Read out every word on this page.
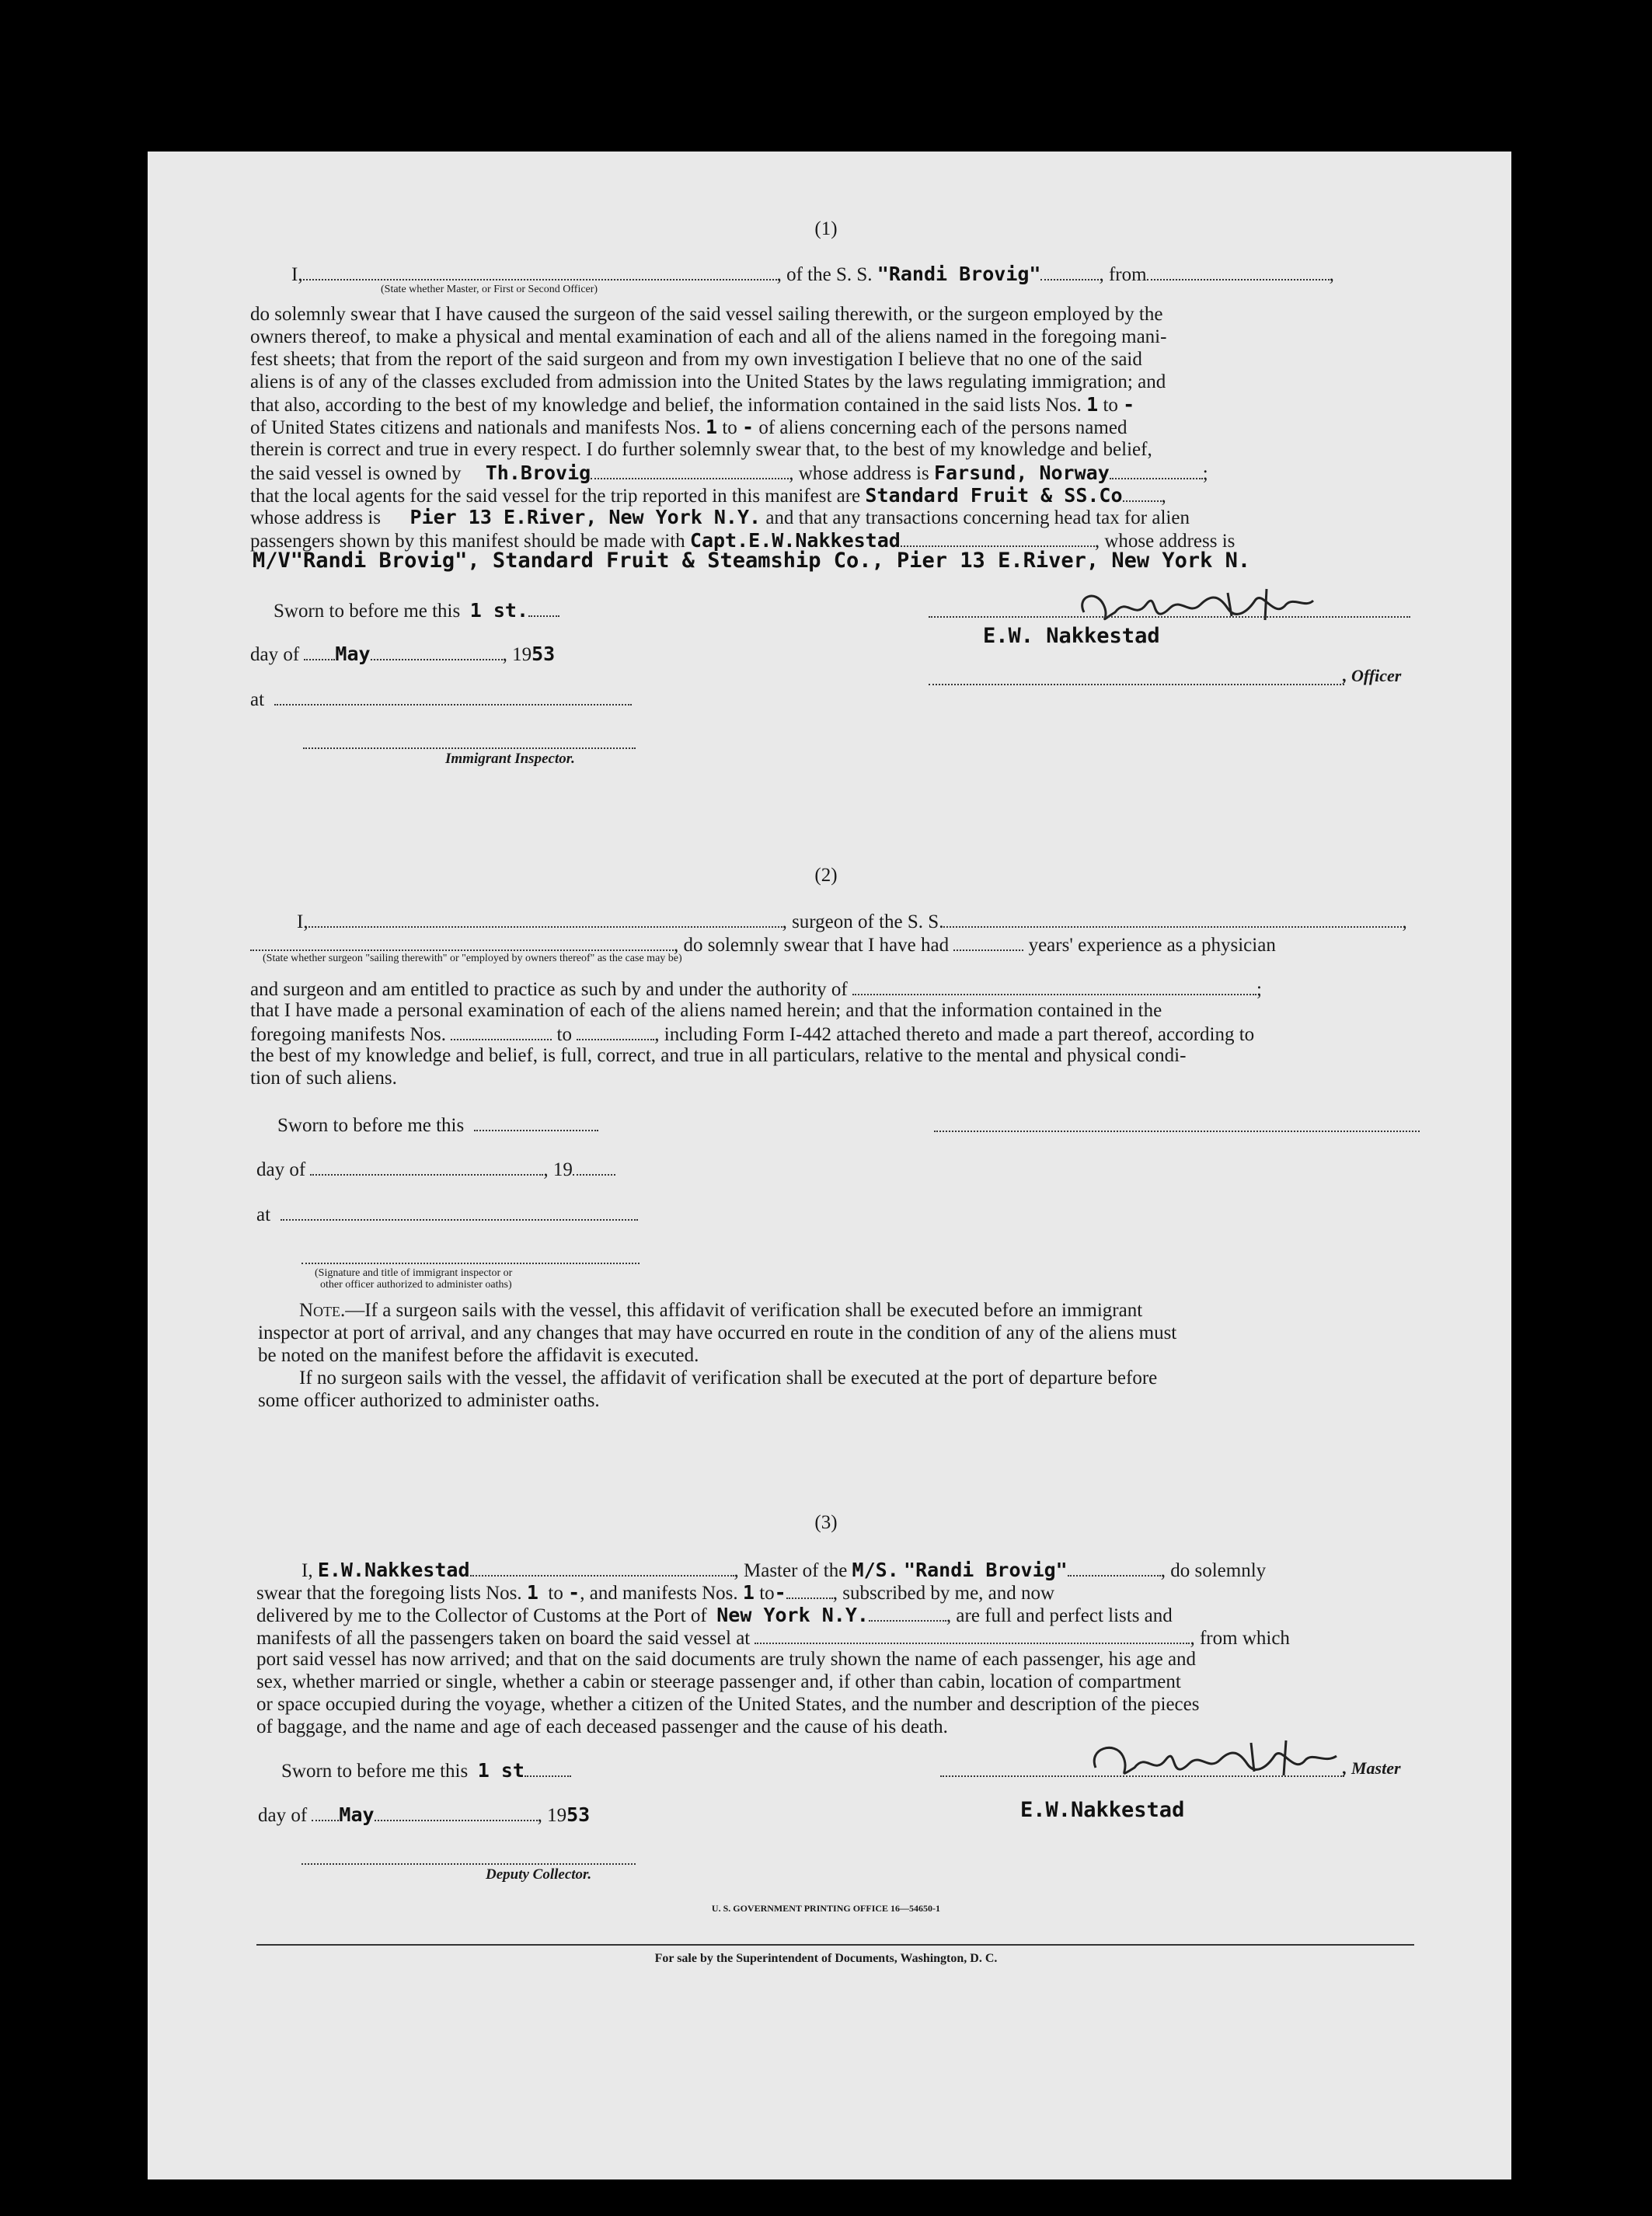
(1)
I,	, of the S. S. "Randi Brovig"	, from	,
(State whether Master, or First or Second Officer)
do solemnly swear that I have caused the surgeon of the said vessel sailing therewith, or the surgeon employed by the
owners thereof, to make a physical and mental examination of each and all of the aliens named in the foregoing mani-
fest sheets; that from the report of the said surgeon and from my own investigation I believe that no one of the said
aliens is of any of the classes excluded from admission into the United States by the laws regulating immigration; and
that also, according to the best of my knowledge and belief, the information contained in the said lists Nos. 1 to -
of United States citizens and nationals and manifests Nos. 1 to - of aliens concerning each of the persons named
therein is correct and true in every respect. I do further solemnly swear that, to the best of my knowledge and belief,
the said vessel is owned by Th.Brovig	, whose address is Farsund, Norway	;
that the local agents for the said vessel for the trip reported in this manifest are Standard Fruit & SS.Co ,
whose address is Pier 13 E.River, New York N.Y. and that any transactions concerning head tax for alien
passengers shown by this manifest should be made with Capt.E.W.Nakkestad	, whose address is
M/V"Randi Brovig", Standard Fruit & Steamship Co., Pier 13 E.River, New York N.
Sworn to before me this 1 st.
day of May	, 1953
at
Immigrant Inspector.
E.W. Nakkestad
, Officer
(2)
I,	, surgeon of the S. S.	,
, do solemnly swear that I have had	years' experience as a physician
(State whether surgeon "sailing therewith" or "employed by owners thereof" as the case may be)
and surgeon and am entitled to practice as such by and under the authority of	;
that I have made a personal examination of each of the aliens named herein; and that the information contained in the
foregoing manifests Nos.	to	, including Form I-442 attached thereto and made a part thereof, according to
the best of my knowledge and belief, is full, correct, and true in all particulars, relative to the mental and physical condi-
tion of such aliens.
Sworn to before me this
day of	, 19
at
(Signature and title of immigrant inspector or
other officer authorized to administer oaths)
Note.—If a surgeon sails with the vessel, this affidavit of verification shall be executed before an immigrant
inspector at port of arrival, and any changes that may have occurred en route in the condition of any of the aliens must
be noted on the manifest before the affidavit is executed.
If no surgeon sails with the vessel, the affidavit of verification shall be executed at the port of departure before
some officer authorized to administer oaths.
(3)
I, E.W.Nakkestad	, Master of the M/S. "Randi Brovig"	, do solemnly
swear that the foregoing lists Nos. 1 to -, and manifests Nos. 1 to- , subscribed by me, and now
delivered by me to the Collector of Customs at the Port of New York N.Y.	, are full and perfect lists and
manifests of all the passengers taken on board the said vessel at	, from which
port said vessel has now arrived; and that on the said documents are truly shown the name of each passenger, his age and
sex, whether married or single, whether a cabin or steerage passenger and, if other than cabin, location of compartment
or space occupied during the voyage, whether a citizen of the United States, and the number and description of the pieces
of baggage, and the name and age of each deceased passenger and the cause of his death.
Sworn to before me this 1 st	, Master
day of May	, 1953	E.W.Nakkestad
Deputy Collector.
U. S. GOVERNMENT PRINTING OFFICE 16—54650-1
For sale by the Superintendent of Documents, Washington, D. C.
